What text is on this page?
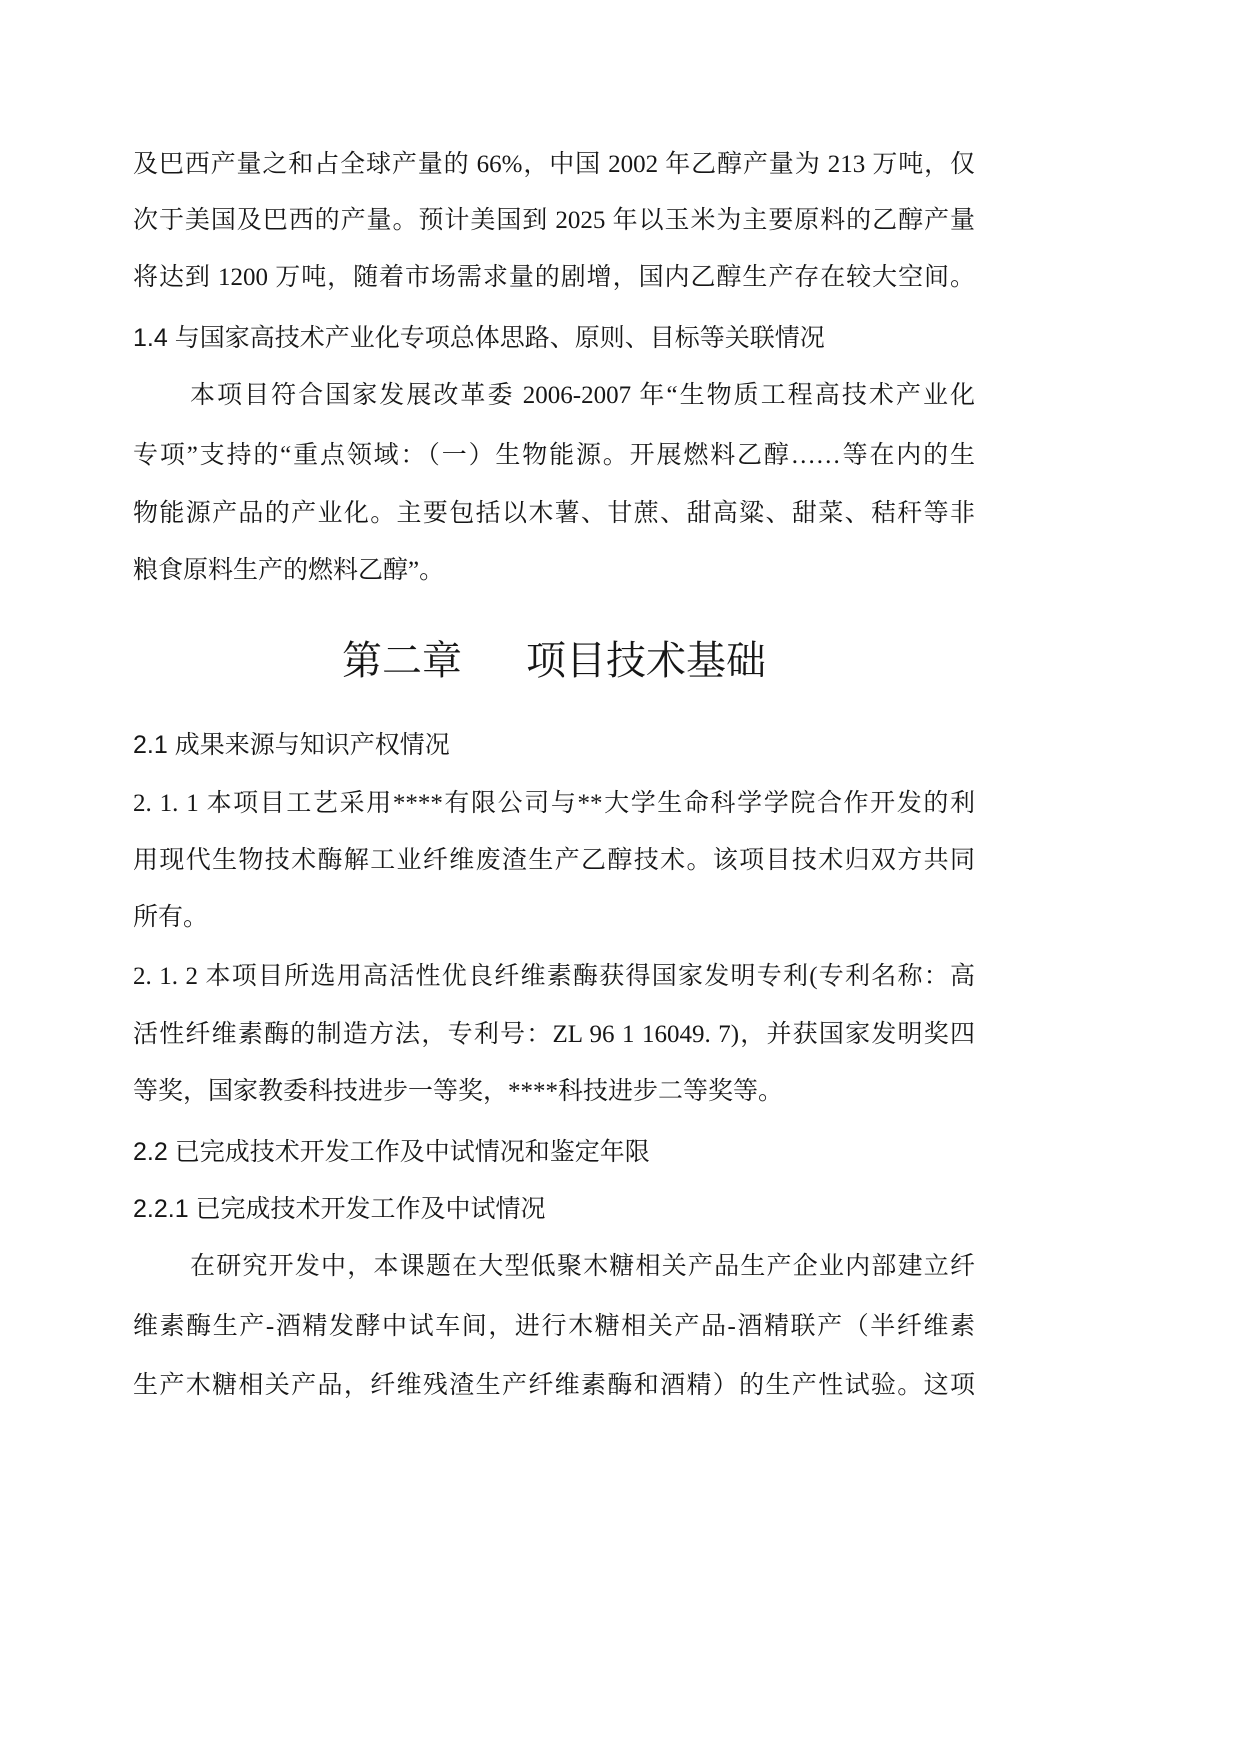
及巴西产量之和占全球产量的 66%，中国 2002 年乙醇产量为 213 万吨，仅
次于美国及巴西的产量。预计美国到 2025 年以玉米为主要原料的乙醇产量
将达到 1200 万吨，随着市场需求量的剧增，国内乙醇生产存在较大空间。
1.4 与国家高技术产业化专项总体思路、原则、目标等关联情况
本项目符合国家发展改革委 2006-2007 年“生物质工程高技术产业化
专项”支持的“重点领域：（一）生物能源。开展燃料乙醇……等在内的生
物能源产品的产业化。主要包括以木薯、甘蔗、甜高粱、甜菜、秸秆等非
粮食原料生产的燃料乙醇”。
第二章 项目技术基础
2.1 成果来源与知识产权情况
2. 1. 1 本项目工艺采用****有限公司与**大学生命科学学院合作开发的利
用现代生物技术酶解工业纤维废渣生产乙醇技术。该项目技术归双方共同
所有。
2. 1. 2 本项目所选用高活性优良纤维素酶获得国家发明专利(专利名称：高
活性纤维素酶的制造方法，专利号：ZL 96 1 16049. 7)，并获国家发明奖四
等奖，国家教委科技进步一等奖，****科技进步二等奖等。
2.2 已完成技术开发工作及中试情况和鉴定年限
2.2.1 已完成技术开发工作及中试情况
在研究开发中，本课题在大型低聚木糖相关产品生产企业内部建立纤
维素酶生产-酒精发酵中试车间，进行木糖相关产品-酒精联产（半纤维素
生产木糖相关产品，纤维残渣生产纤维素酶和酒精）的生产性试验。这项
